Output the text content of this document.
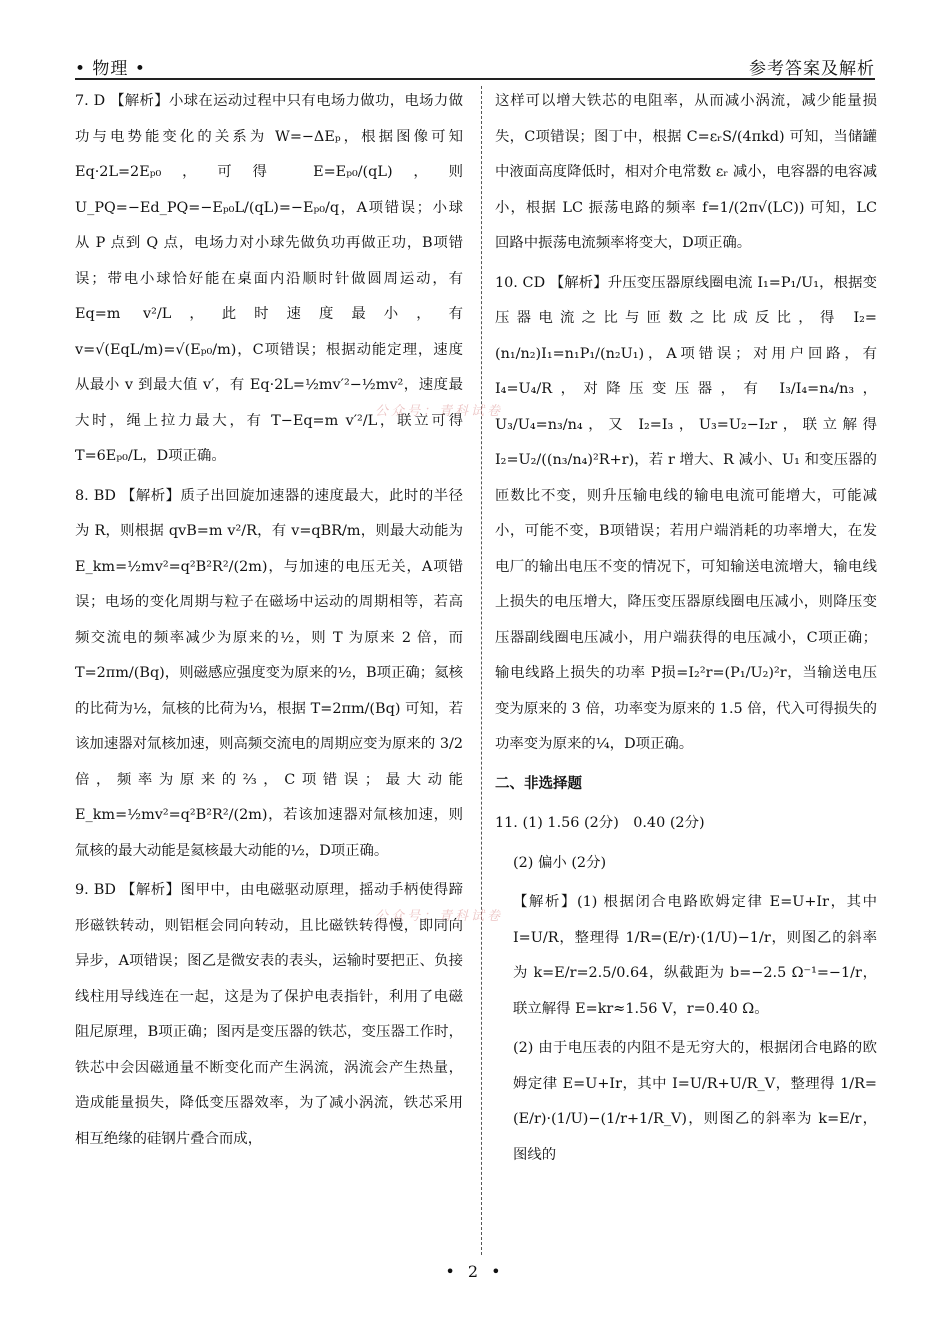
• 物理 •	参考答案及解析

7. D 【解析】小球在运动过程中只有电场力做功，电场力做功与电势能变化的关系为 W=−ΔEₚ，根据图像可知 Eq·2L=2Eₚ₀，可得 E=Eₚ₀/(qL)，则 U_PQ=−Ed_PQ=−Eₚ₀L/(qL)=−Eₚ₀/q，A项错误；小球从 P 点到 Q 点，电场力对小球先做负功再做正功，B项错误；带电小球恰好能在桌面内沿顺时针做圆周运动，有 Eq=m v²/L，此时速度最小，有 v=√(EqL/m)=√(Eₚ₀/m)，C项错误；根据动能定理，速度从最小 v 到最大值 v′，有 Eq·2L=½mv′²−½mv²，速度最大时，绳上拉力最大，有 T−Eq=m v′²/L，联立可得 T=6Eₚ₀/L，D项正确。

8. BD 【解析】质子出回旋加速器的速度最大，此时的半径为 R，则根据 qvB=m v²/R，有 v=qBR/m，则最大动能为 E_km=½mv²=q²B²R²/(2m)，与加速的电压无关，A项错误；电场的变化周期与粒子在磁场中运动的周期相等，若高频交流电的频率减少为原来的½，则 T 为原来 2 倍，而 T=2πm/(Bq)，则磁感应强度变为原来的½，B项正确；氦核的比荷为½，氚核的比荷为⅓，根据 T=2πm/(Bq) 可知，若该加速器对氚核加速，则高频交流电的周期应变为原来的 3/2 倍，频率为原来的⅔，C项错误；最大动能 E_km=½mv²=q²B²R²/(2m)，若该加速器对氚核加速，则氚核的最大动能是氦核最大动能的½，D项正确。

9. BD 【解析】图甲中，由电磁驱动原理，摇动手柄使得蹄形磁铁转动，则铝框会同向转动，且比磁铁转得慢，即同向异步，A项错误；图乙是微安表的表头，运输时要把正、负接线柱用导线连在一起，这是为了保护电表指针，利用了电磁阻尼原理，B项正确；图丙是变压器的铁芯，变压器工作时，铁芯中会因磁通量不断变化而产生涡流，涡流会产生热量，造成能量损失，降低变压器效率，为了减小涡流，铁芯采用相互绝缘的硅钢片叠合而成，

这样可以增大铁芯的电阻率，从而减小涡流，减少能量损失，C项错误；图丁中，根据 C=εᵣS/(4πkd) 可知，当储罐中液面高度降低时，相对介电常数 εᵣ 减小，电容器的电容减小，根据 LC 振荡电路的频率 f=1/(2π√(LC)) 可知，LC 回路中振荡电流频率将变大，D项正确。

10. CD 【解析】升压变压器原线圈电流 I₁=P₁/U₁，根据变压器电流之比与匝数之比成反比，得 I₂=(n₁/n₂)I₁=n₁P₁/(n₂U₁)，A项错误；对用户回路，有 I₄=U₄/R，对降压变压器，有 I₃/I₄=n₄/n₃，U₃/U₄=n₃/n₄，又 I₂=I₃，U₃=U₂−I₂r，联立解得 I₂=U₂/((n₃/n₄)²R+r)，若 r 增大、R 减小、U₁ 和变压器的匝数比不变，则升压输电线的输电电流可能增大，可能减小，可能不变，B项错误；若用户端消耗的功率增大，在发电厂的输出电压不变的情况下，可知输送电流增大，输电线上损失的电压增大，降压变压器原线圈电压减小，则降压变压器副线圈电压减小，用户端获得的电压减小，C项正确；输电线路上损失的功率 P损=I₂²r=(P₁/U₂)²r，当输送电压变为原来的 3 倍，功率变为原来的 1.5 倍，代入可得损失的功率变为原来的¼，D项正确。

二、非选择题

11. (1) 1.56 (2分)　0.40 (2分)

(2) 偏小 (2分)

【解析】(1) 根据闭合电路欧姆定律 E=U+Ir，其中 I=U/R，整理得 1/R=(E/r)·(1/U)−1/r，则图乙的斜率为 k=E/r=2.5/0.64，纵截距为 b=−2.5 Ω⁻¹=−1/r，联立解得 E=kr≈1.56 V，r=0.40 Ω。

(2) 由于电压表的内阻不是无穷大的，根据闭合电路的欧姆定律 E=U+Ir，其中 I=U/R+U/R_V，整理得 1/R=(E/r)·(1/U)−(1/r+1/R_V)，则图乙的斜率为 k=E/r，图线的

公众号：青科试卷
公众号：青科试卷
• 2 •
